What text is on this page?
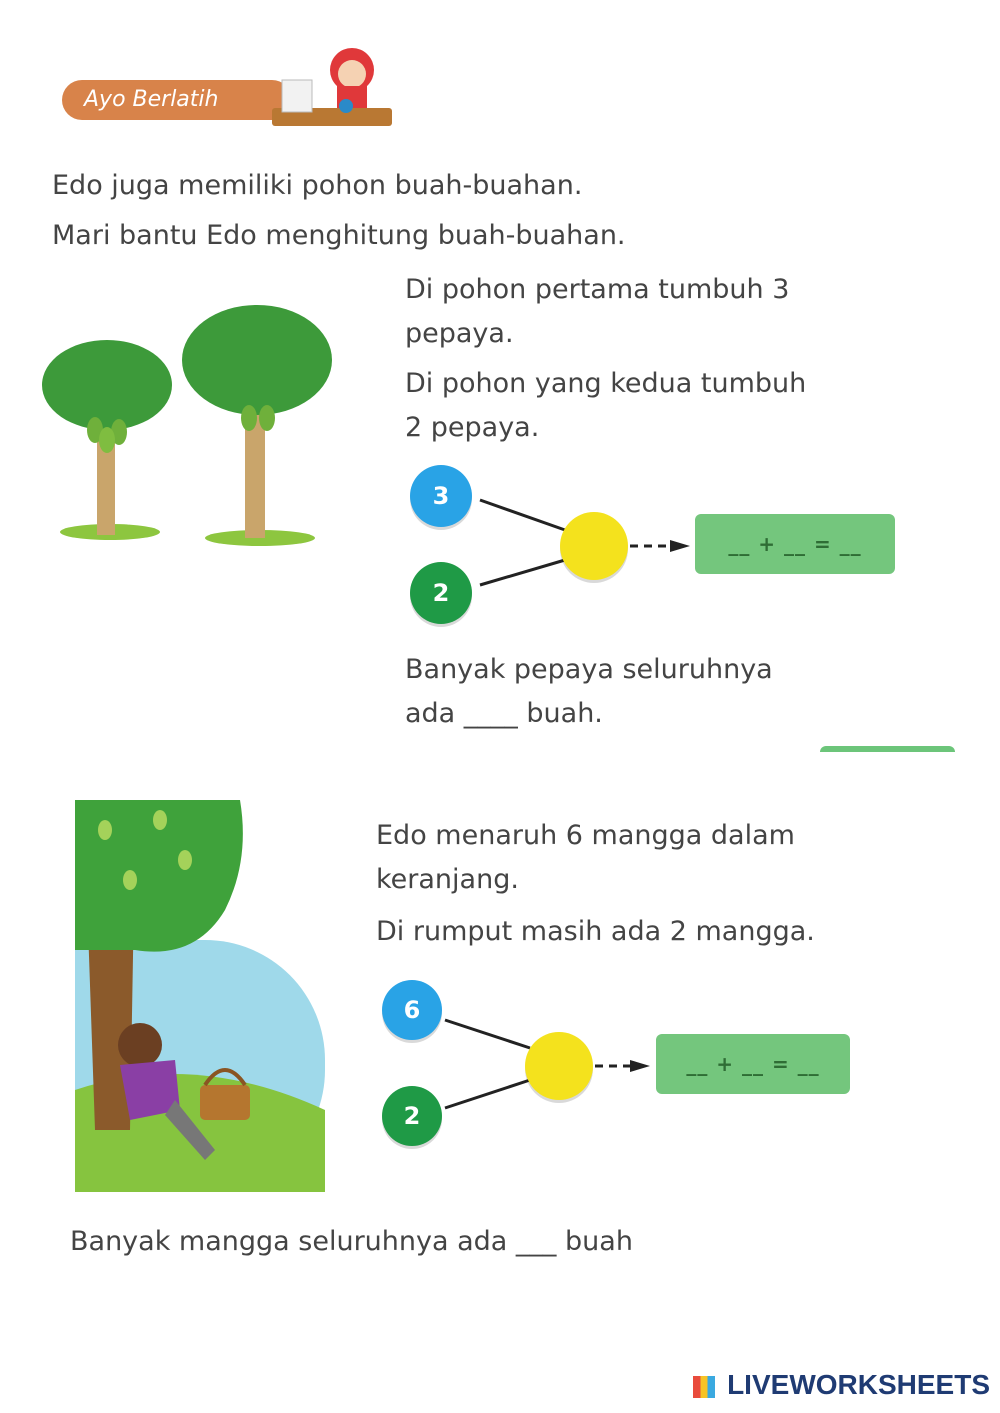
Ayo Berlatih
Edo juga memiliki pohon buah-buahan.
Mari bantu Edo menghitung buah-buahan.
Di pohon pertama tumbuh 3
pepaya.
Di pohon yang kedua tumbuh
2 pepaya.
3
2
__ + __ = __
Banyak pepaya seluruhnya
ada ____ buah.
Edo menaruh 6 mangga dalam
keranjang.
Di rumput masih ada 2 mangga.
6
2
__ + __ = __
Banyak mangga seluruhnya ada ___ buah
LIVEWORKSHEETS
